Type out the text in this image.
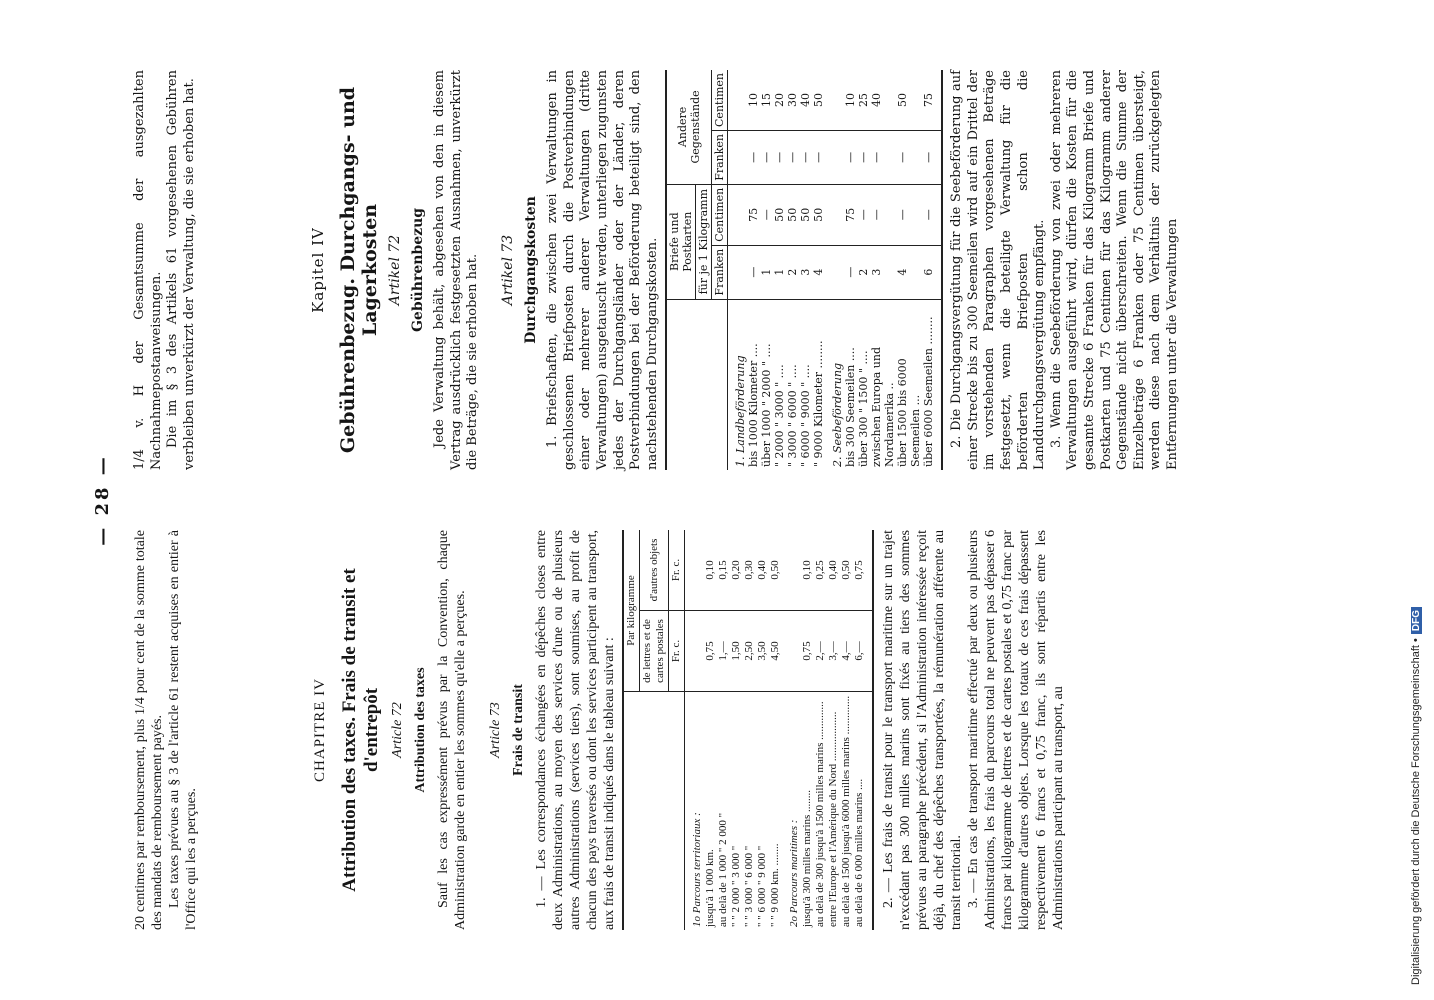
— 28 —

20 centimes par remboursement, plus 1/4 pour cent de la somme totale des mandats de remboursement payés. Les taxes prévues au § 3 de l'article 61 restent acquises en entier à l'Office qui les a perçues.

CHAPITRE IV Attribution des taxes. Frais de transit et d'entrepôt Article 72 Attribution des taxes Sauf les cas expressément prévus par la Convention, chaque Administration garde en entier les sommes qu'elle a perçues. Article 73 Frais de transit 1. — Les correspondances échangées en dépêches closes entre deux Administrations, au moyen des services d'une ou de plusieurs autres Administrations (services tiers), sont soumises, au profit de chacun des pays traversés ou dont les services participent au transport, aux frais de transit indiqués dans le tableau suivant :

	Par kilogramme	
	de lettres et de cartes postales	d'autres objets
	Fr. c.	Fr. c.
1o Parcours territoriaux :		
jusqu'à 1 000 km.	0,75	0,10
au delà de 1 000 " 2 000 "	1,—	0,15
" " 2 000 " 3 000 "	1,50	0,20
" " 3 000 " 6 000 "	2,50	0,30
" " 6 000 " 9 000 "	3,50	0,40
" " 9 000 km. ........	4,50	0,50
2o Parcours maritimes :		
jusqu'à 300 milles marins ........	0,75	0,10
au delà de 300 jusqu'à 1500 milles marins ..............	2,—	0,25
entre l'Europe et l'Amérique du Nord ..................	3,—	0,40
au delà de 1500 jusqu'à 6000 milles marins ..............	4,—	0,50
au delà de 6 000 milles marins ....	6,—	0,75 2. — Les frais de transit pour le transport maritime sur un trajet n'excédant pas 300 milles marins sont fixés au tiers des sommes prévues au paragraphe précédent, si l'Administration intéressée reçoit déjà, du chef des dépêches transportées, la rémunération afférente au transit territorial. 3. — En cas de transport maritime effectué par deux ou plusieurs Administrations, les frais du parcours total ne peuvent pas dépasser 6 francs par kilogramme de lettres et de cartes postales et 0,75 franc par kilogramme d'autres objets. Lorsque les totaux de ces frais dépassent respectivement 6 francs et 0,75 franc, ils sont répartis entre les Administrations participant au transport, au

1/4 v. H der Gesamtsumme der ausgezahlten Nachnahmepostanweisungen. Die im § 3 des Artikels 61 vorgesehenen Gebühren verbleiben unverkürzt der Verwaltung, die sie erhoben hat.	Kapitel IV Gebührenbezug. Durchgangs- und Lagerkosten Artikel 72 Gebührenbezug Jede Verwaltung behält, abgesehen von den in diesem Vertrag ausdrücklich festgesetzten Ausnahmen, unverkürzt die Beträge, die sie erhoben hat. Artikel 73 Durchgangskosten 1. Briefschaften, die zwischen zwei Verwaltungen in geschlossenen Briefposten durch die Postverbindungen einer oder mehrerer anderer Verwaltungen (dritte Verwaltungen) ausgetauscht werden, unterliegen zugunsten jedes der Durchgangsländer oder der Länder, deren Postverbindungen bei der Beförderung beteiligt sind, den nachstehenden Durchgangskosten.

	Briefe und Postkarten		Andere Gegenstände	
	für je 1 Kilogramm			
	Franken	Centimen	Franken	Centimen
1. Landbeförderung				
bis 1000 Kilometer ....	—	75	—	10
über 1000 " 2000 " ....	1	—	—	15
" 2000 " 3000 " ....	1	50	—	20
" 3000 " 6000 " ....	2	50	—	30
" 6000 " 9000 " ....	3	50	—	40
" 9000 Kilometer ........	4	50	—	50
2. Seebeförderung				
bis 300 Seemeilen ....	—	75	—	10
über 300 " 1500 " ....	2	—	—	25
zwischen Europa und Nordamerika ..	3	—	—	40
über 1500 bis 6000 Seemeilen ...	4	—	—	50
über 6000 Seemeilen ........	6	—	—	75 2. Die Durchgangsvergütung für die Seebeförderung auf einer Strecke bis zu 300 Seemeilen wird auf ein Drittel der im vorstehenden Paragraphen vorgesehenen Beträge festgesetzt, wenn die beteiligte Verwaltung für die beförderten Briefposten schon die Landdurchgangsvergütung empfängt. 3. Wenn die Seebeförderung von zwei oder mehreren Verwaltungen ausgeführt wird, dürfen die Kosten für die gesamte Strecke 6 Franken für das Kilogramm Briefe und Postkarten und 75 Centimen für das Kilogramm anderer Gegenstände nicht überschreiten. Wenn die Summe der Einzelbeträge 6 Franken oder 75 Centimen übersteigt, werden diese nach dem Verhältnis der zurückgelegten Entfernungen unter die Verwaltungen

Digitalisierung gefördert durch die Deutsche Forschungsgemeinschaft •DFG
